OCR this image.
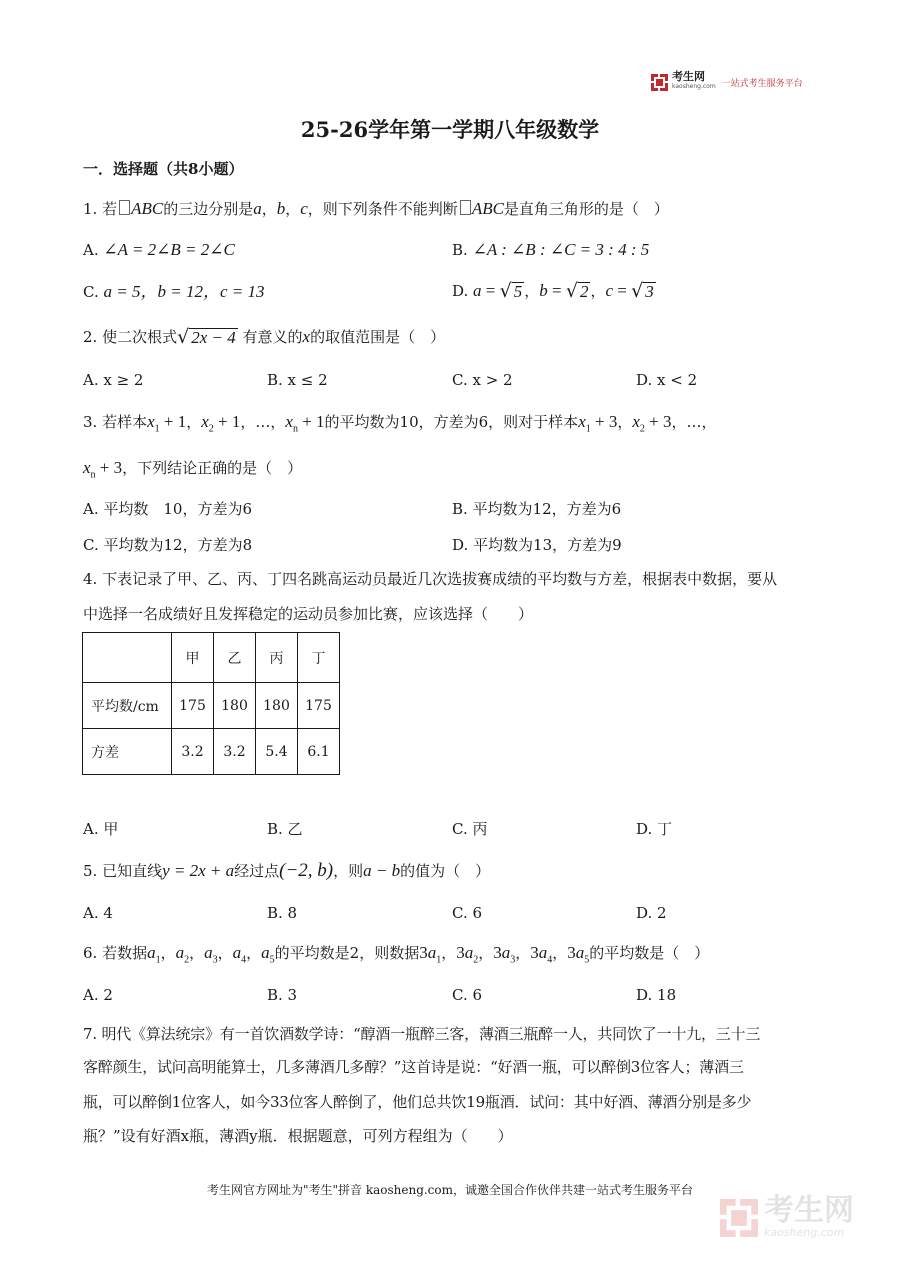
考生网
kaosheng.com 一站式考生服务平台
25-26学年第一学期八年级数学
一．选择题（共8小题）
1. 若 ABC的三边分别是a，b，c，则下列条件不能判断 ABC是直角三角形的是（　）
A. ∠A = 2∠B = 2∠C	B. ∠A : ∠B : ∠C = 3 : 4 : 5
C. a = 5，b = 12，c = 13	D.
a = √ 5 ， b = √ 2 ， c = √ 3
2. 使二次根式 √ 2x − 4
有意义的 x 的取值范围是（　）
A. x ≥ 2	B. x ≤ 2	C. x > 2	D. x < 2
3. 若样本$x_1 + 1$，$x_2 + 1$，…，$x_n + 1$的平均数为10，方差为6，则对于样本$x_1 + 3$，$x_2 + 3$，…，
$x_n + 3$，下列结论正确的是（　）
A. 平均数　10，方差为6	B. 平均数为12，方差为6
C. 平均数为12，方差为8	D. 平均数为13，方差为9
4. 下表记录了甲、乙、丙、丁四名跳高运动员最近几次选拔赛成绩的平均数与方差，根据表中数据，要从
中选择一名成绩好且发挥稳定的运动员参加比赛，应该选择（　　）
	甲	乙	丙	丁
平均数/cm	175	180	180	175
方差	3.2	3.2	5.4	6.1
A. 甲	B. 乙	C. 丙	D. 丁
5. 已知直线y = 2x + a经过点(−2, b)，则a − b的值为（　）
A. 4	B. 8	C. 6	D. 2
6. 若数据$a_1$，$a_2$，$a_3$，$a_4$，$a_5$的平均数是2，则数据$3a_1$，$3a_2$，$3a_3$，$3a_4$，$3a_5$的平均数是（　）
A. 2	B. 3	C. 6	D. 18
7. 明代《算法统宗》有一首饮酒数学诗：“醇酒一瓶醉三客，薄酒三瓶醉一人，共同饮了一十九，三十三
客醉颜生，试问高明能算士，几多薄酒几多醇？”这首诗是说：“好酒一瓶，可以醉倒3位客人；薄酒三
瓶，可以醉倒1位客人，如今33位客人醉倒了，他们总共饮19瓶酒．试问：其中好酒、薄酒分别是多少
瓶？”设有好酒x瓶，薄酒y瓶．根据题意，可列方程组为（　　）
考生网官方网址为"考生"拼音 kaosheng.com，诚邀全国合作伙伴共建一站式考生服务平台
考生网
kaosheng.com
